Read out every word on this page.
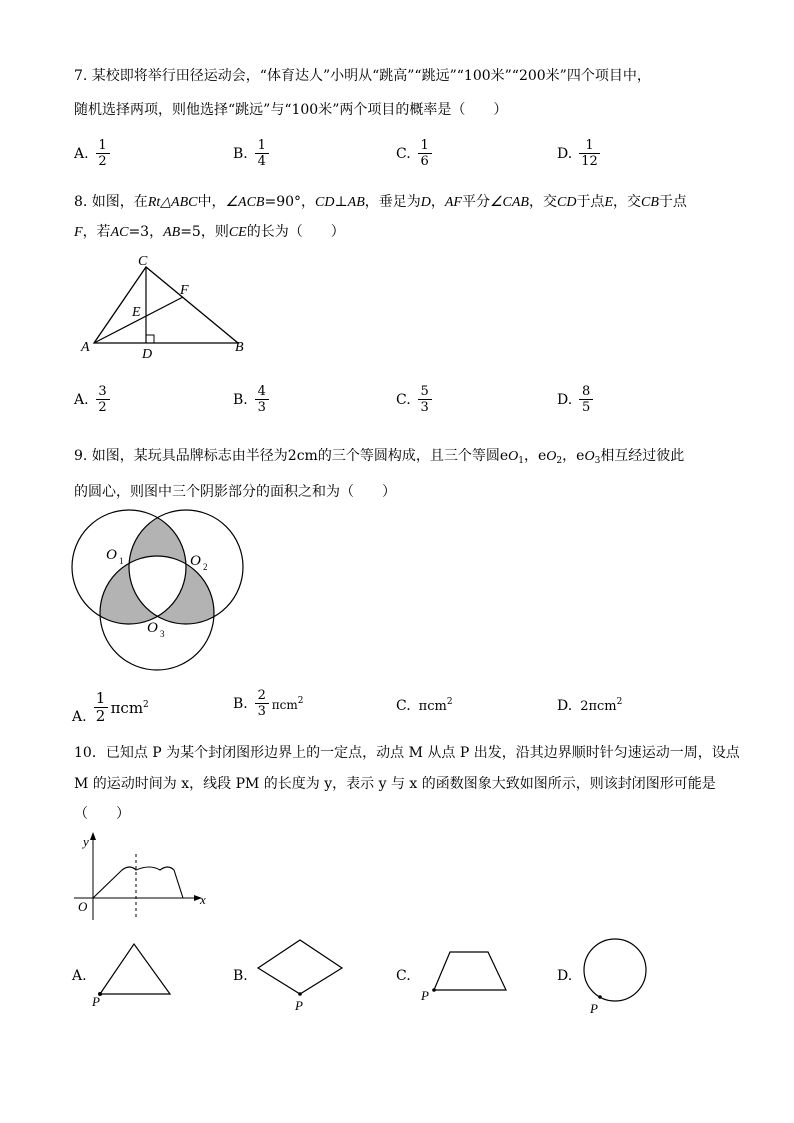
7. 某校即将举行田径运动会，“体育达人”小明从“跳高”“跳远”“100米”“200米”四个项目中，
随机选择两项，则他选择“跳远”与“100米”两个项目的概率是（　　）
A. $\frac{1}{2}$	B. $\frac{1}{4}$	C. $\frac{1}{6}$	D. $\frac{1}{12}$
8. 如图，在Rt△ABC中，∠ACB=90°，CD⊥AB，垂足为D，AF平分∠CAB，交CD于点E，交CB于点
F，若AC=3，AB=5，则CE的长为（　　）
C
F
E
A	D	B
A. $\frac{3}{2}$	B. $\frac{4}{3}$	C. $\frac{5}{3}$	D. $\frac{8}{5}$
9. 如图，某玩具品牌标志由半径为2cm的三个等圆构成，且三个等圆$eO_1$，$eO_2$，$eO_3$相互经过彼此
的圆心，则图中三个阴影部分的面积之和为（　　）
O 1	O 2
O 3
A. $\frac{1}{2} \pi cm^2$	B. $\frac{2}{3} \pi cm^2$	C. πcm$^2$	D. 2πcm$^2$
10．已知点 P 为某个封闭图形边界上的一定点，动点 M 从点 P 出发，沿其边界顺时针匀速运动一周，设点
M 的运动时间为 x，线段 PM 的长度为 y，表示 y 与 x 的函数图象大致如图所示，则该封闭图形可能是
（　　）
y
x
O
A.
P
B.
P
C.
P
D.
P
